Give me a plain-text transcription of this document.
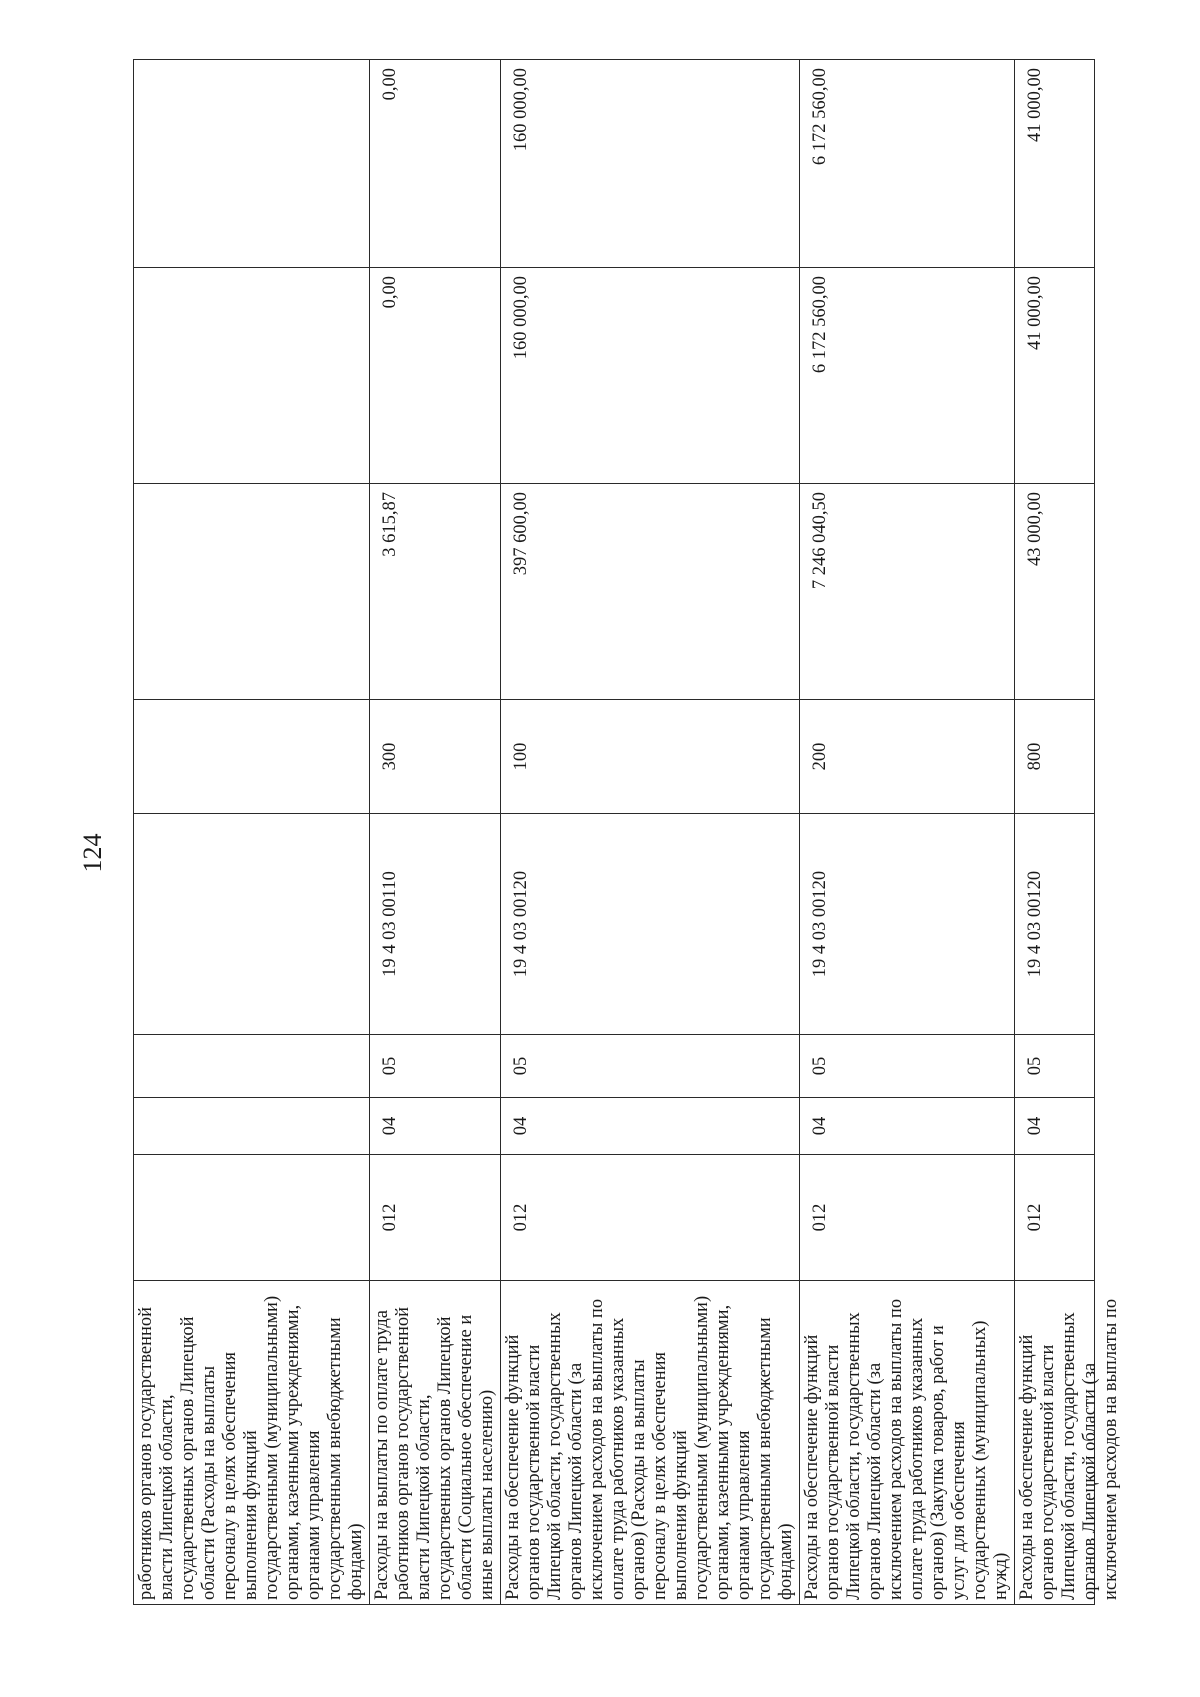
124
работников органов государственной власти Липецкой области, государственных органов Липецкой области (Расходы на выплаты персоналу в целях обеспечения выполнения функций государственными (муниципальными) органами, казенными учреждениями, органами управления государственными внебюджетными фондами)								
Расходы на выплаты по оплате труда работников органов государственной власти Липецкой области, государственных органов Липецкой области (Социальное обеспечение и иные выплаты населению)	012	04	05	19 4 03 00110	300	3 615,87	0,00	0,00
Расходы на обеспечение функций органов государственной власти Липецкой области, государственных органов Липецкой области (за исключением расходов на выплаты по оплате труда работников указанных органов) (Расходы на выплаты персоналу в целях обеспечения выполнения функций государственными (муниципальными) органами, казенными учреждениями, органами управления государственными внебюджетными фондами)	012	04	05	19 4 03 00120	100	397 600,00	160 000,00	160 000,00
Расходы на обеспечение функций органов государственной власти Липецкой области, государственных органов Липецкой области (за исключением расходов на выплаты по оплате труда работников указанных органов) (Закупка товаров, работ и услуг для обеспечения государственных (муниципальных) нужд)	012	04	05	19 4 03 00120	200	7 246 040,50	6 172 560,00	6 172 560,00

Расходы на обеспечение функций органов государственной власти Липецкой области, государственных органов Липецкой области (за исключением расходов на выплаты по	012	04	05	19 4 03 00120	800	43 000,00	41 000,00	41 000,00
